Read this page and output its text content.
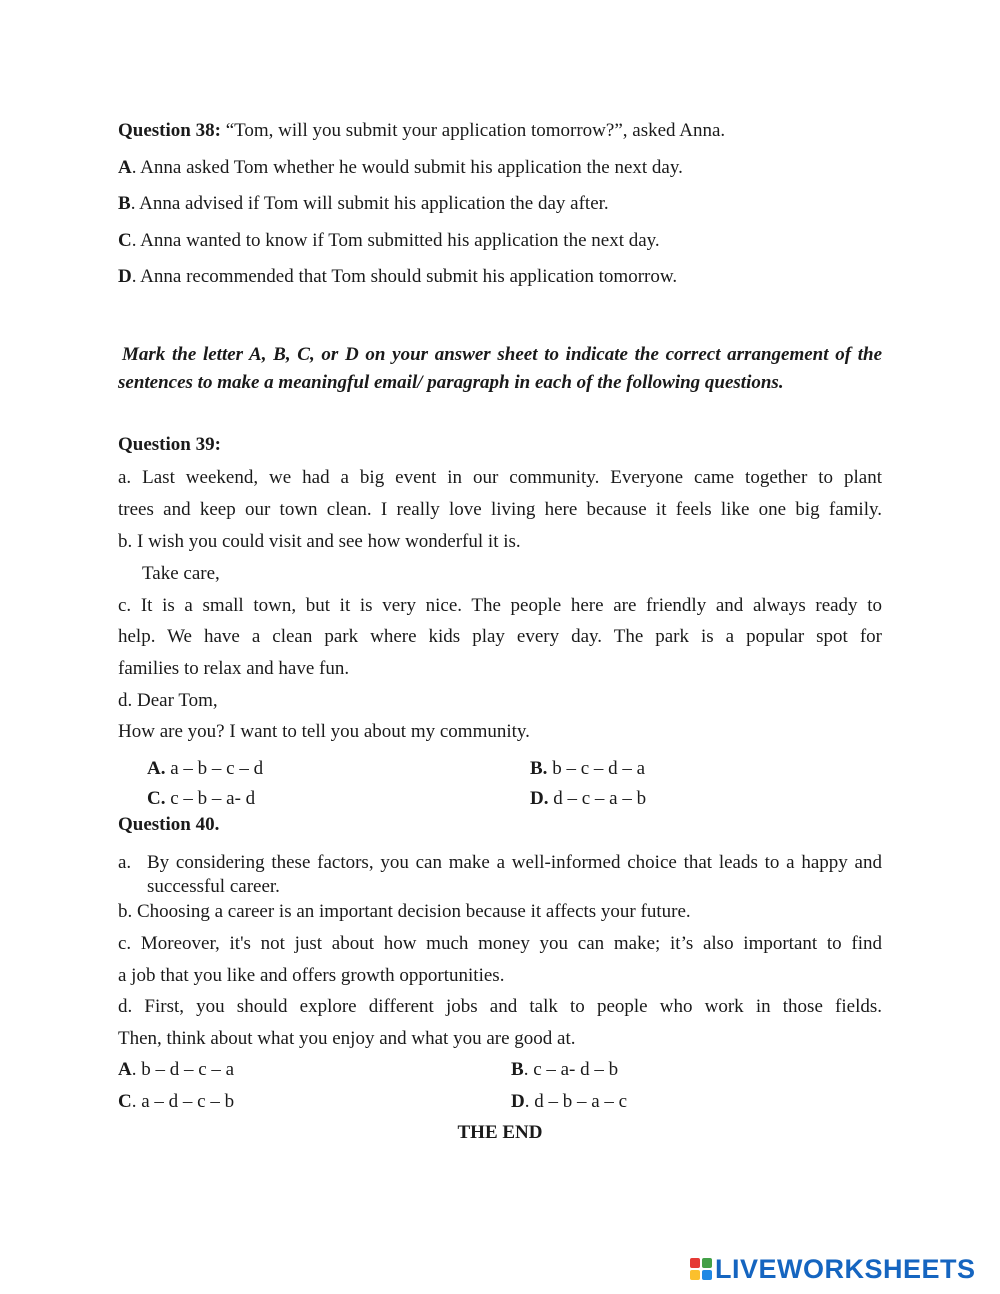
Question 38: “Tom, will you submit your application tomorrow?”, asked Anna.
A. Anna asked Tom whether he would submit his application the next day.
B. Anna advised if Tom will submit his application the day after.
C. Anna wanted to know if Tom submitted his application the next day.
D. Anna recommended that Tom should submit his application tomorrow.
Mark the letter A, B, C, or D on your answer sheet to indicate the correct arrangement of the sentences to make a meaningful email/ paragraph in each of the following questions.
Question 39:
a. Last weekend, we had a big event in our community. Everyone came together to plant
trees and keep our town clean. I really love living here because it feels like one big family.
b. I wish you could visit and see how wonderful it is.
Take care,
c. It is a small town, but it is very nice. The people here are friendly and always ready to
help. We have a clean park where kids play every day. The park is a popular spot for
families to relax and have fun.
d. Dear Tom,
How are you? I want to tell you about my community.
A. a – b – c – d	B. b – c – d – a
C. c – b – a- d	D. d – c – a – b
Question 40.
a. By considering these factors, you can make a well-informed choice that leads to a happy and successful career.
b. Choosing a career is an important decision because it affects your future.
c. Moreover, it's not just about how much money you can make; it’s also important to find
a job that you like and offers growth opportunities.
d. First, you should explore different jobs and talk to people who work in those fields.
Then, think about what you enjoy and what you are good at.
A. b – d – c – a	B. c – a- d – b
C. a – d – c – b	D. d – b – a – c
THE END
LIVEWORKSHEETS
